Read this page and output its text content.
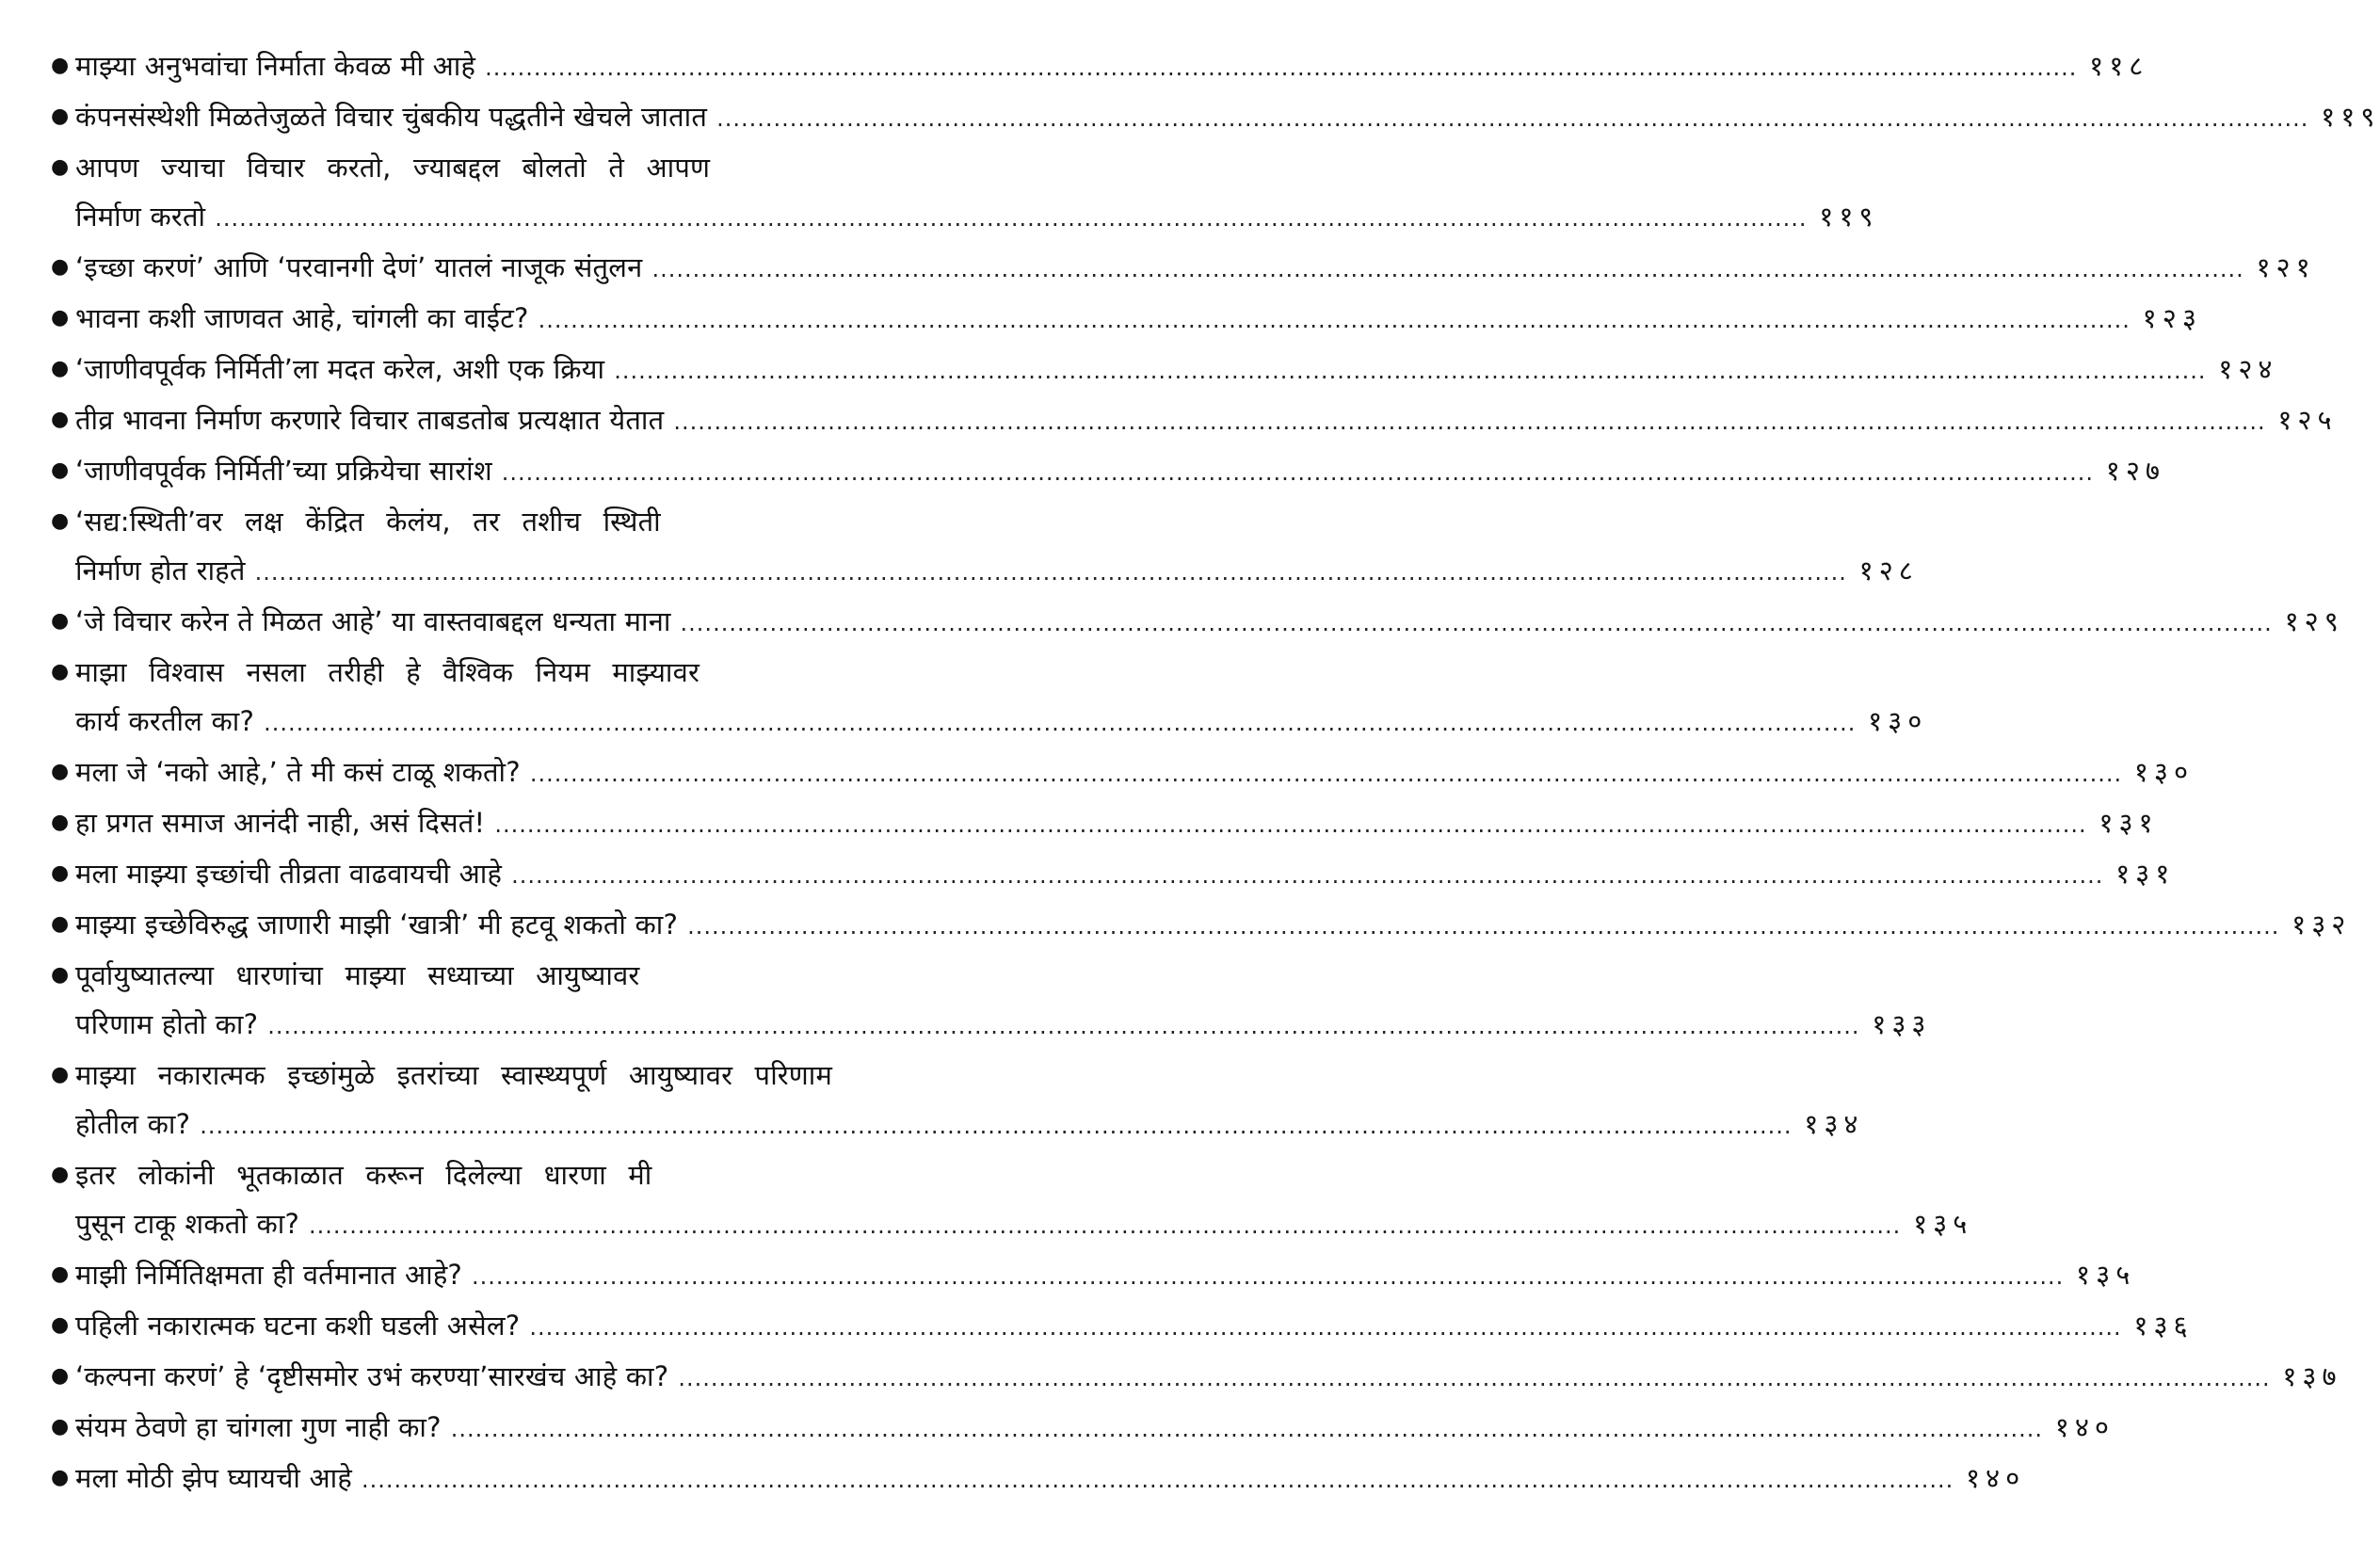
● माझ्या अनुभवांचा निर्माता केवळ मी आहे .....	११८
● कंपनसंस्थेशी मिळतेजुळते विचार चुंबकीय पद्धतीने खेचले जातात .....	११९
● आपण ज्याचा विचार करतो, ज्याबद्दल बोलतो ते आपण
निर्माण करतो .....	११९
● ‘इच्छा करणं’ आणि ‘परवानगी देणं’ यातलं नाजूक संतुलन .....	१२१
● भावना कशी जाणवत आहे, चांगली का वाईट? .....	१२३
● ‘जाणीवपूर्वक निर्मिती’ला मदत करेल, अशी एक क्रिया .....	१२४
● तीव्र भावना निर्माण करणारे विचार ताबडतोब प्रत्यक्षात येतात .....	१२५
● ‘जाणीवपूर्वक निर्मिती’च्या प्रक्रियेचा सारांश .....	१२७
● ‘सद्य:स्थिती’वर लक्ष केंद्रित केलंय, तर तशीच स्थिती
निर्माण होत राहते .....	१२८
● ‘जे विचार करेन ते मिळत आहे’ या वास्तवाबद्दल धन्यता माना .....	१२९
● माझा विश्वास नसला तरीही हे वैश्विक नियम माझ्यावर
कार्य करतील का? .....	१३०
● मला जे ‘नको आहे,’ ते मी कसं टाळू शकतो? .....	१३०
● हा प्रगत समाज आनंदी नाही, असं दिसतं! .....	१३१
● मला माझ्या इच्छांची तीव्रता वाढवायची आहे .....	१३१
● माझ्या इच्छेविरुद्ध जाणारी माझी ‘खात्री’ मी हटवू शकतो का? .....	१३२
● पूर्वायुष्यातल्या धारणांचा माझ्या सध्याच्या आयुष्यावर
परिणाम होतो का? .....	१३३
● माझ्या नकारात्मक इच्छांमुळे इतरांच्या स्वास्थ्यपूर्ण आयुष्यावर परिणाम
होतील का? .....	१३४
● इतर लोकांनी भूतकाळात करून दिलेल्या धारणा मी
पुसून टाकू शकतो का? .....	१३५
● माझी निर्मितिक्षमता ही वर्तमानात आहे? .....	१३५
● पहिली नकारात्मक घटना कशी घडली असेल? .....	१३६
● ‘कल्पना करणं’ हे ‘दृष्टीसमोर उभं करण्या’सारखंच आहे का? .....	१३७
● संयम ठेवणे हा चांगला गुण नाही का? .....	१४०
● मला मोठी झेप घ्यायची आहे .....	१४०
